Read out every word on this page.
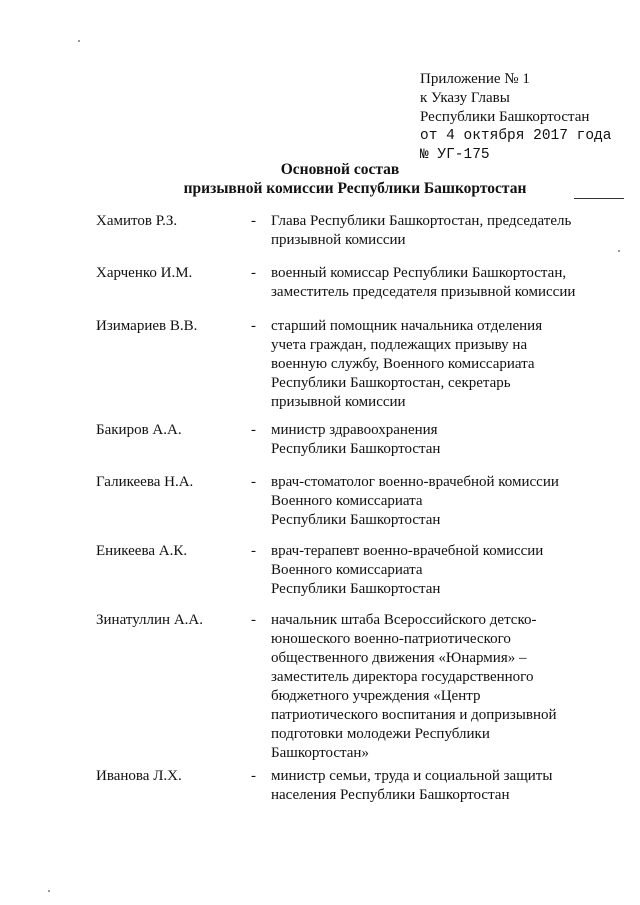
Приложение № 1
к Указу Главы
Республики Башкортостан
от 4 октября 2017 года
№ УГ-175
Основной состав
призывной комиссии Республики Башкортостан
Хамитов Р.З.	- Глава Республики Башкортостан, председатель
призывной комиссии
Харченко И.М.	- военный комиссар Республики Башкортостан,
заместитель председателя призывной комиссии
Изимариев В.В.	- старший помощник начальника отделения
учета граждан, подлежащих призыву на
военную службу, Военного комиссариата
Республики Башкортостан, секретарь
призывной комиссии
Бакиров А.А.	- министр здравоохранения
Республики Башкортостан
Галикеева Н.А.	- врач-стоматолог военно-врачебной комиссии
Военного комиссариата
Республики Башкортостан
Еникеева А.К.	- врач-терапевт военно-врачебной комиссии
Военного комиссариата
Республики Башкортостан
Зинатуллин А.А.	- начальник штаба Всероссийского детско-
юношеского военно-патриотического
общественного движения «Юнармия» –
заместитель директора государственного
бюджетного учреждения «Центр
патриотического воспитания и допризывной
подготовки молодежи Республики
Башкортостан»
Иванова Л.Х.	- министр семьи, труда и социальной защиты
населения Республики Башкортостан
